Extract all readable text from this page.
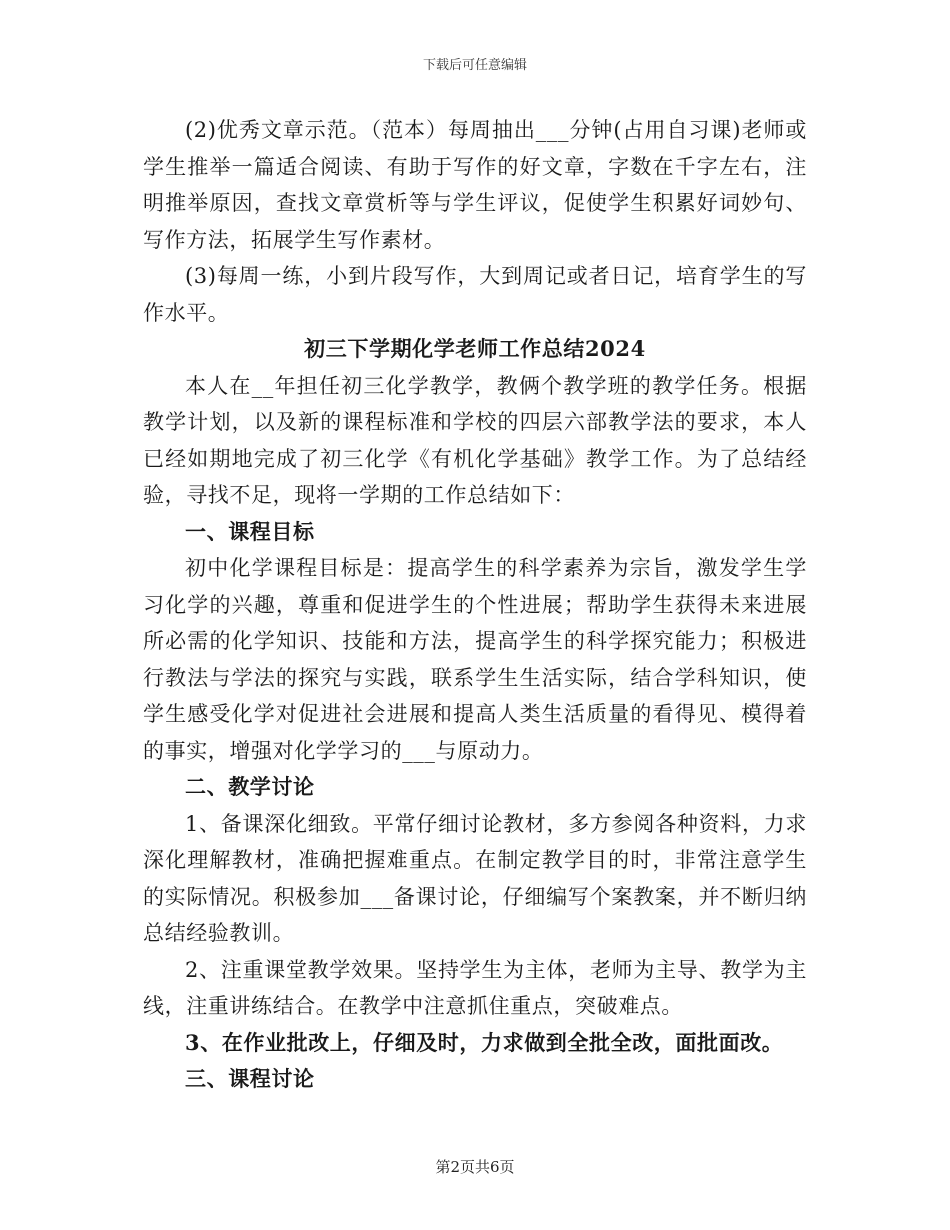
下载后可任意编辑

(2)优秀文章示范。（范本）每周抽出___分钟(占用自习课)老师或学生推举一篇适合阅读、有助于写作的好文章，字数在千字左右，注明推举原因，查找文章赏析等与学生评议，促使学生积累好词妙句、写作方法，拓展学生写作素材。

(3)每周一练，小到片段写作，大到周记或者日记，培育学生的写作水平。

初三下学期化学老师工作总结2024

本人在__年担任初三化学教学，教俩个教学班的教学任务。根据教学计划，以及新的课程标准和学校的四层六部教学法的要求，本人已经如期地完成了初三化学《有机化学基础》教学工作。为了总结经验，寻找不足，现将一学期的工作总结如下：

一、课程目标

初中化学课程目标是：提高学生的科学素养为宗旨，激发学生学习化学的兴趣，尊重和促进学生的个性进展；帮助学生获得未来进展所必需的化学知识、技能和方法，提高学生的科学探究能力；积极进行教法与学法的探究与实践，联系学生生活实际，结合学科知识，使学生感受化学对促进社会进展和提高人类生活质量的看得见、模得着的事实，增强对化学学习的___与原动力。

二、教学讨论

1、备课深化细致。平常仔细讨论教材，多方参阅各种资料，力求深化理解教材，准确把握难重点。在制定教学目的时，非常注意学生的实际情况。积极参加___备课讨论，仔细编写个案教案，并不断归纳总结经验教训。

2、注重课堂教学效果。坚持学生为主体，老师为主导、教学为主线，注重讲练结合。在教学中注意抓住重点，突破难点。

3、在作业批改上，仔细及时，力求做到全批全改，面批面改。

三、课程讨论

第2页共6页
